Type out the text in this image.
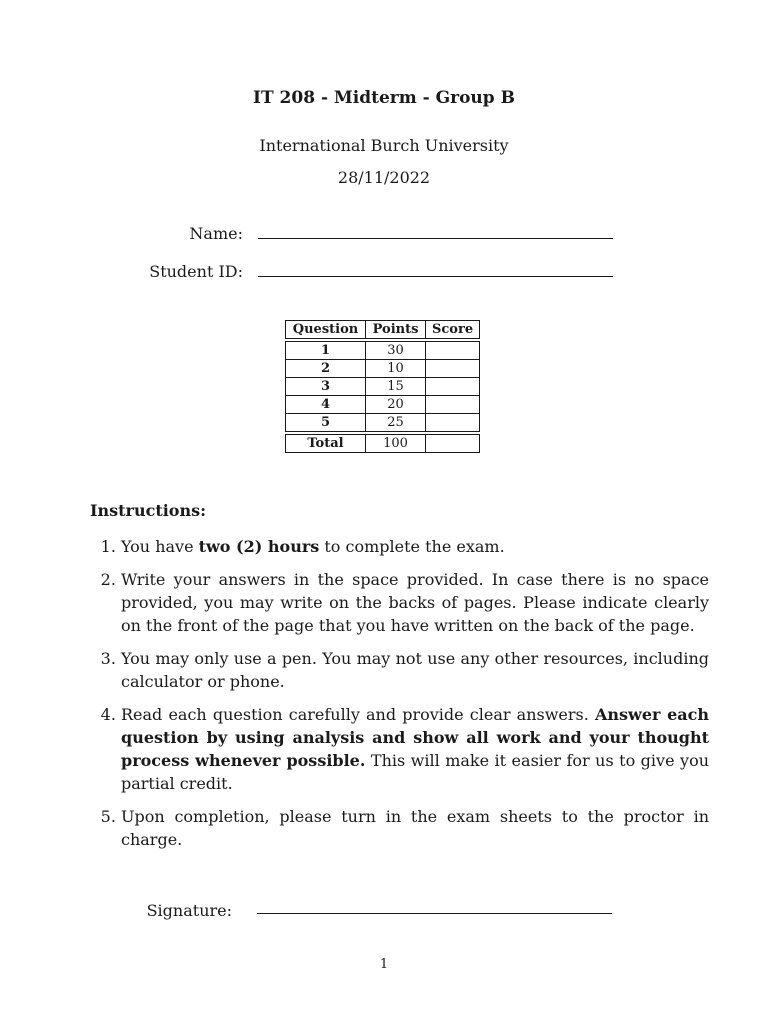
IT 208 - Midterm - Group B
International Burch University
28/11/2022
Name:
Student ID:
Question	Points	Score

1	30	
2	10	
3	15	
4	20	
5	25	

Total	100	
Instructions:
1. You have two (2) hours to complete the exam.
2. Write your answers in the space provided. In case there is no space provided, you may write on the backs of pages. Please indicate clearly on the front of the page that you have written on the back of the page.
3. You may only use a pen. You may not use any other resources, including calculator or phone.
4. Read each question carefully and provide clear answers. Answer each question by using analysis and show all work and your thought process whenever possible. This will make it easier for us to give you partial credit.
5. Upon completion, please turn in the exam sheets to the proctor in charge.
Signature:
1
